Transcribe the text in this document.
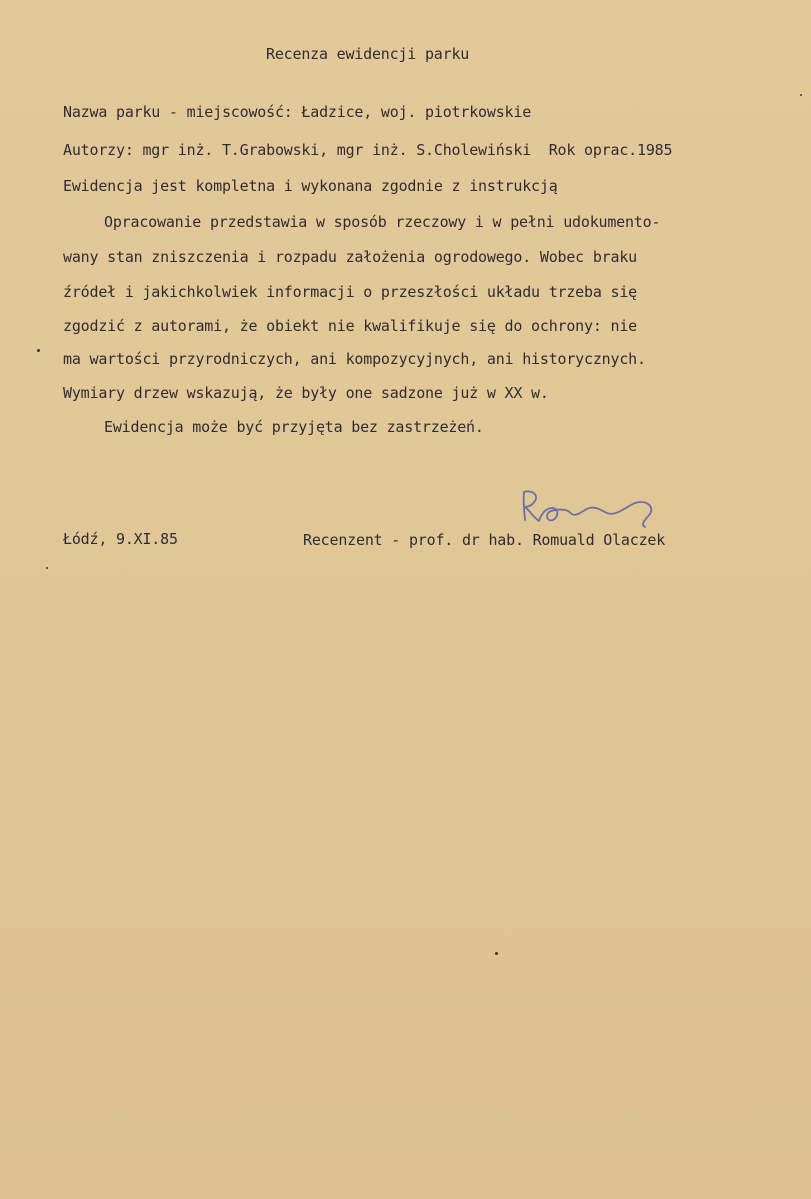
Recenza ewidencji parku
Nazwa parku - miejscowość: Ładzice, woj. piotrkowskie
Autorzy: mgr inż. T.Grabowski, mgr inż. S.Cholewiński  Rok oprac.1985
Ewidencja jest kompletna i wykonana zgodnie z instrukcją
Opracowanie przedstawia w sposób rzeczowy i w pełni udokumento-
wany stan zniszczenia i rozpadu założenia ogrodowego. Wobec braku
źródeł i jakichkolwiek informacji o przeszłości układu trzeba się
zgodzić z autorami, że obiekt nie kwalifikuje się do ochrony: nie
ma wartości przyrodniczych, ani kompozycyjnych, ani historycznych.
Wymiary drzew wskazują, że były one sadzone już w XX w.
Ewidencja może być przyjęta bez zastrzeżeń.
Łódź, 9.XI.85	Recenzent - prof. dr hab. Romuald Olaczek
